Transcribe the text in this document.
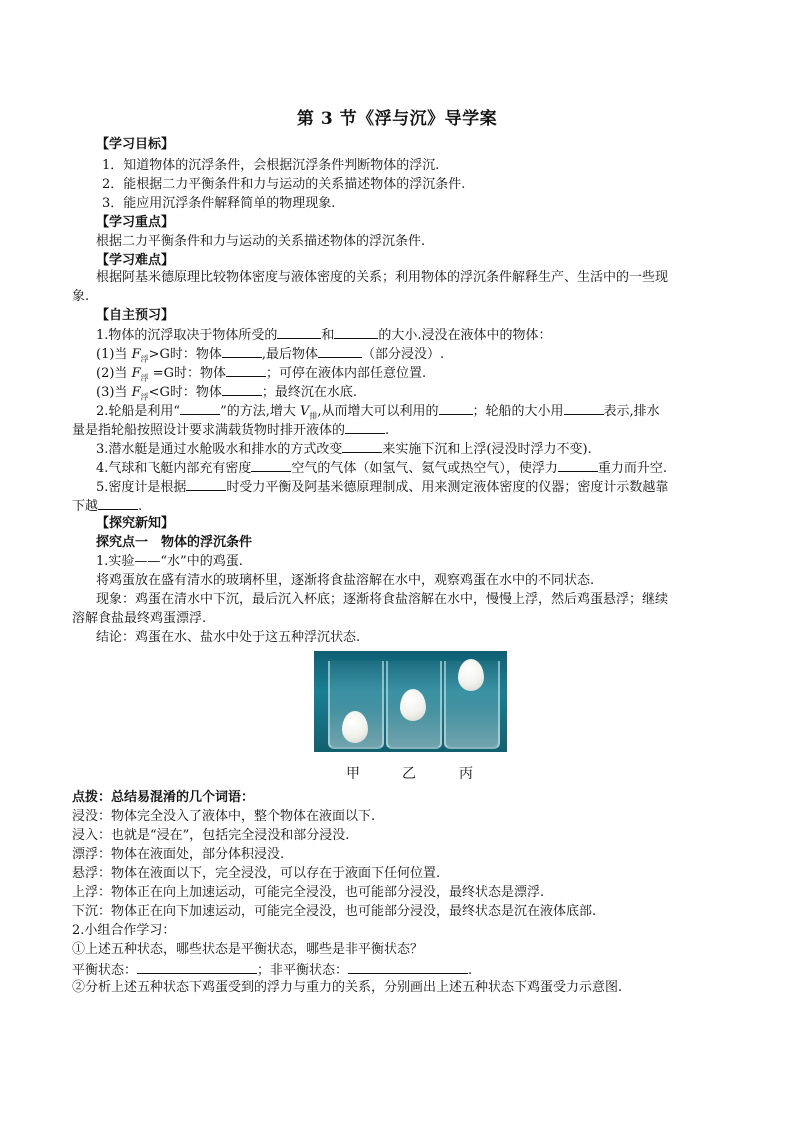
第 3 节《浮与沉》导学案
【学习目标】
1．知道物体的沉浮条件，会根据沉浮条件判断物体的浮沉.
2．能根据二力平衡条件和力与运动的关系描述物体的浮沉条件.
3．能应用沉浮条件解释简单的物理现象.
【学习重点】
根据二力平衡条件和力与运动的关系描述物体的浮沉条件.
【学习难点】
根据阿基米德原理比较物体密度与液体密度的关系；利用物体的浮沉条件解释生产、生活中的一些现
象.
【自主预习】
1.物体的沉浮取决于物体所受的	和	的大小.浸没在液体中的物体：
(1)当 $F_浮>G$时：物体	,最后物体	（部分浸没）.
(2)当 $F_浮 =G$时：物体	；可停在液体内部任意位置.
(3)当 $F_浮<G$时：物体	；最终沉在水底.
2.轮船是利用“	”的方法,增大 $V_排$,从而增大可以利用的	；轮船的大小用	表示,排水
量是指轮船按照设计要求满载货物时排开液体的	.
3.潜水艇是通过水舱吸水和排水的方式改变	来实施下沉和上浮(浸没时浮力不变).
4.气球和飞艇内部充有密度	空气的气体（如氢气、氦气或热空气），使浮力	重力而升空.
5.密度计是根据	时受力平衡及阿基米德原理制成、用来测定液体密度的仪器；密度计示数越靠
下越	.
【探究新知】
探究点一　物体的浮沉条件
1.实验——“水”中的鸡蛋.
将鸡蛋放在盛有清水的玻璃杯里，逐渐将食盐溶解在水中，观察鸡蛋在水中的不同状态.
现象：鸡蛋在清水中下沉，最后沉入杯底；逐渐将食盐溶解在水中，慢慢上浮，然后鸡蛋悬浮；继续
溶解食盐最终鸡蛋漂浮.
结论：鸡蛋在水、盐水中处于这五种浮沉状态.
甲	乙	丙
点拨：总结易混淆的几个词语：
浸没：物体完全没入了液体中，整个物体在液面以下.
浸入：也就是“浸在”，包括完全浸没和部分浸没.
漂浮：物体在液面处，部分体积浸没.
悬浮：物体在液面以下，完全浸没，可以存在于液面下任何位置.
上浮：物体正在向上加速运动，可能完全浸没，也可能部分浸没，最终状态是漂浮.
下沉：物体正在向下加速运动，可能完全浸没，也可能部分浸没，最终状态是沉在液体底部.
2.小组合作学习：
①上述五种状态，哪些状态是平衡状态，哪些是非平衡状态？
平衡状态：	；非平衡状态：	.
②分析上述五种状态下鸡蛋受到的浮力与重力的关系，分别画出上述五种状态下鸡蛋受力示意图.
